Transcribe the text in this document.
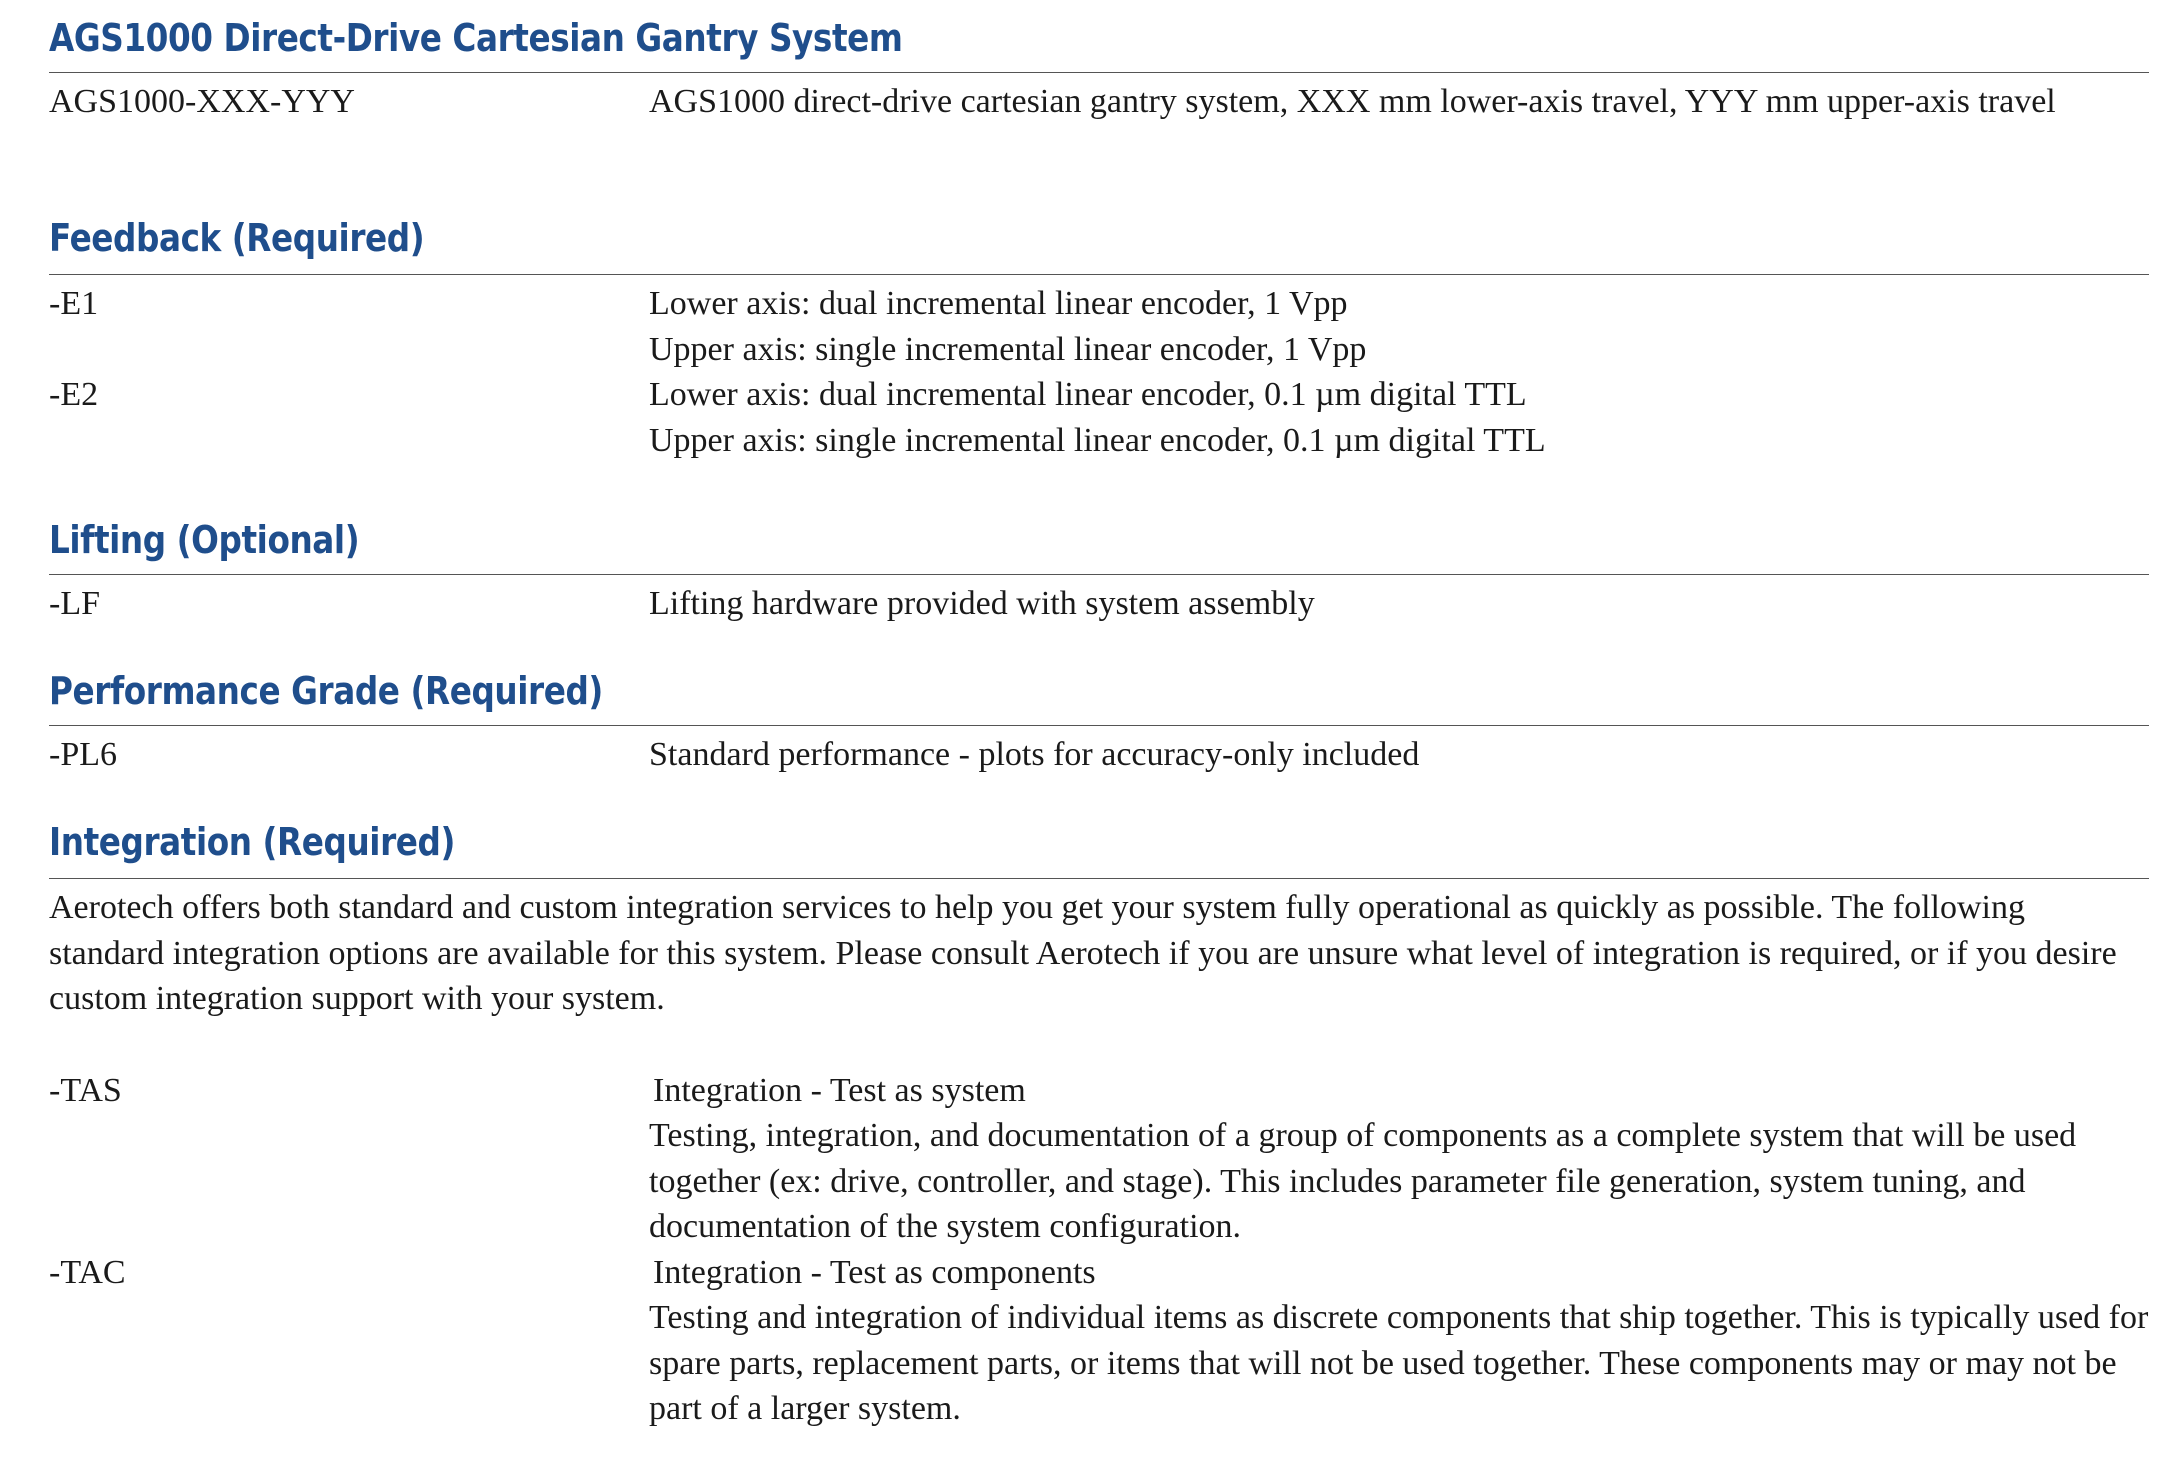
AGS1000 Direct-Drive Cartesian Gantry System
AGS1000-XXX-YYY	AGS1000 direct-drive cartesian gantry system, XXX mm lower-axis travel, YYY mm upper-axis travel
Feedback (Required)
-E1	Lower axis: dual incremental linear encoder, 1 Vpp
Upper axis: single incremental linear encoder, 1 Vpp
-E2	Lower axis: dual incremental linear encoder, 0.1 µm digital TTL
Upper axis: single incremental linear encoder, 0.1 µm digital TTL
Lifting (Optional)
-LF	Lifting hardware provided with system assembly
Performance Grade (Required)
-PL6	Standard performance - plots for accuracy-only included
Integration (Required)
Aerotech offers both standard and custom integration services to help you get your system fully operational as quickly as possible. The following standard integration options are available for this system. Please consult Aerotech if you are unsure what level of integration is required, or if you desire custom integration support with your system.
-TAS	Integration - Test as system
Testing, integration, and documentation of a group of components as a complete system that will be used together (ex: drive, controller, and stage). This includes parameter file generation, system tuning, and documentation of the system configuration.
-TAC	Integration - Test as components
Testing and integration of individual items as discrete components that ship together. This is typically used for spare parts, replacement parts, or items that will not be used together. These components may or may not be part of a larger system.
